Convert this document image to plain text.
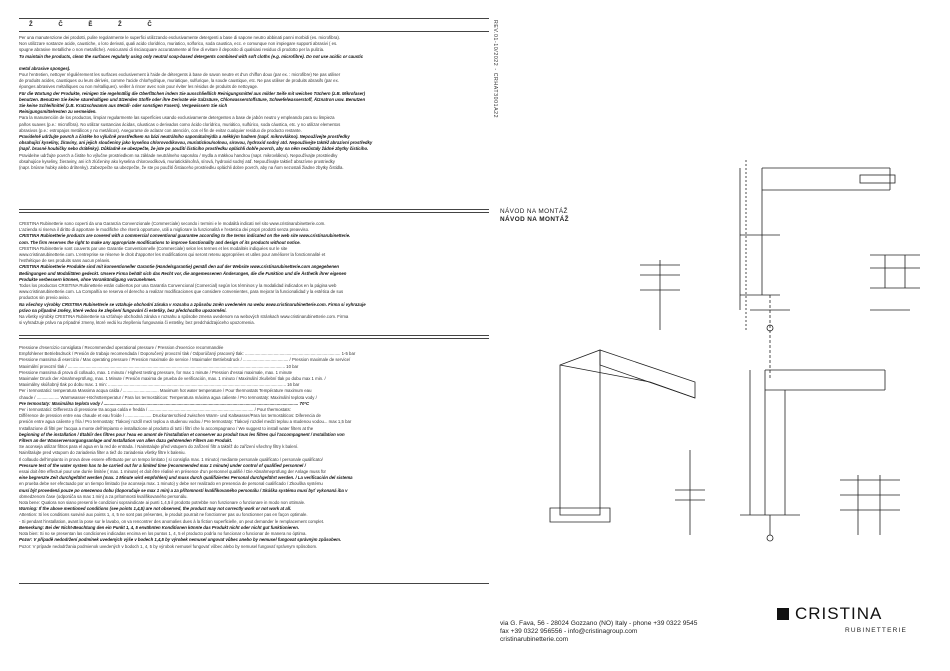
Ž Č Ě Ž Č
Per una manutenzione dei prodotti, pulire regolarmente le superfici utilizzando esclusivamente detergenti a base di sapone neutro abbinati panni morbidi (es. microfibra).
Non utilizzare sostanze acide, caustiche, o loro derivati, quali acido cloridrico, muriatico, solforico, soda caustica, ecc. e comunque non impiegare supporti abrasivi ( es.
spugne abrasive metalliche o non metalliche). Assicurarsi di risciacquare accuratamente al fine di evitare il deposito di qualsiasi residuo di prodotto per la pulizia.
To maintain the products, clean the surfaces regularly using only neutral soap-based detergents combined with soft cloths (e.g. microfibre). Do not use acidic or caustic
metal abrasive sponges).
Pour l'entretien, nettoyer régulièrement les surfaces exclusivement à l'aide de détergents à base de savon neutre et d'un chiffon doux (par ex. : microfibre) Ne pas utiliser
de produits acides, caustiques ou leurs dérivés, comme l'acide chlorhydrique, muriatique, sulfurique, la soude caustique, etc. Ne pas utiliser de produits abrasifs (par ex.
éponges abrasives métalliques ou non métalliques). veiller à rincer avec soin pour éviter les résidus de produits de nettoyage.
Für die Wartung der Produkte, reinigen Sie regelmäßig die Oberflächen indem Sie ausschließlich Reinigungsmittel aus milder Seife mit weichen Tüchern (z.B. Mikrofaser)
benutzen. Benutzen Sie keine säurehaltigen und ätzenden Stoffe oder ihre Derivate wie Salzsäure, Chlorwasserstoffsäure, Schwefelwasserstoff, Ätznatron usw. Benutzen
Sie keine Schleifmittel (z.B. Kratzschwamm aus Metall- oder sonstigen Fasern). Vergewissern Sie sich
Reinigungsmittelresten zu vermeiden.
Para la manutención de los productos, limpiar regularmente las superficies usando exclusivamente detergentes a base de jabón neutro y empleando para su limpieza
paños suaves (p.e.: microfibra). No utilizar sustancias ácidas, cáusticas o derivados como ácido clorídrico, muriático, sulfúrico, soda cáustica, etc. y no utilizar elementos
abrasivos (p.e.: estropajos metálicos y no metálicos). Asegurarse de aclarar con atención, con el fin de evitar cualquier residuo de producto restante.
Pravidelně udržujte povrch a čistěte ho výlučně prostředkem na bázi neutrálního saponátu/mýdla a měkkým hadrem (např. mikrovlákno). Nepoužívejte prostředky
obsahující kyseliny, žíraviny, ani jejich sloučeniny jako kyselinu chlorovodíkovou, muriatickou/solnou, sírovou, hydroxid sodný atd. Nepoužívejte taktéž abrazivní prostředky
(např. brusné houbičky nebo drátěnky). Důkladně se ubezpečte, že jste po použití čisticího prostředku opláchli dobře povrch, aby na něm nezůstaly žádné zbytky čisticího.
Pravidelne udržujte povrch a čistite ho výlučne prostriedkom na základe neutrálneho saponátu / mydla a mäkkou handrou (napr. mikrovlákno). Nepoužívajte prostriedky
obsahujúce kyseliny, žieraviny, ani ich zlúčeniny ako kyselina chlorovodíková, muriatická/soľná, sírová, hydroxid sodný atď. Nepoužívajte taktiež abrazívne prostriedky
(napr. brúsne hubky alebo drôtenky). Zabezpečte sa ubezpečte, že ste po použití čistiaceho prostriedku opláchli dobre povrch, aby na ňom nezostali žiadne zbytky čistidla.
CRISTINA Rubinetterie sono coperti da una Garanzia Convenzionale (Commerciale) secondo i termini e le modalità indicati nel sito www.cristinarubinetterie.com.
L'azienda si riserva il diritto di apportare le modifiche che riterrà opportune, utili a migliorare la funzionalità e l'estetica dei propri prodotti senza preavviso.
CRISTINA Rubinetterie products are covered with a commercial conventional guarantee according to the terms indicated on the web site www.cristinarubinetterie.
com. The firm reserves the right to make any appropriate modifications to improve functionality and design of its products without notice.
CRISTINA Rubinetterie sont couverts par une Garantie Conventionnelle (Commerciale) selon les termes et les modalités indiquées sur le site
www.cristinarubinetterie.com. L'entreprise se réserve le droit d'apporter les modifications qui seront retenu appropriées et utiles pour améliorer la fonctionnalité et
l'esthétique de ses produits sans aucun préavis.
CRISTINA Rubinetterie Produkte sind mit konventioneller Garantie (Handelsgarantie) gemäß den auf der Website www.cristinarubinetterie.com angegebenen
Bedingungen und Modalitäten gedeckt. Unsere Firma behält sich das Recht vor, die angemessenen Änderungen, die die Funktion und die Ästhetik ihrer eigenen
Produkte verbessern können, ohne Vorankündigung vorzunehmen.
Todos los productos CRISTINA Rubinetterie están cubiertos por una Garantía Convencional (Comercial) según los términos y la modalidad indicados en la página web
www.cristinarubinetterie.com. La Compañía se reserva el derecho a realizar modificaciones que considere convenientes, para mejorar la funcionalidad y la estética de sus
productos sin previo aviso.
Na všechny výrobky CRISTINA Rubinetterie se vztahuje obchodní záruka v rozsahu a způsobu změn uvedeném na webu www.cristinarubinetterie.com. Firma si vyhrazuje
právo na případné změny, které vedou ke zlepšení fungování či estetiky, bez předchozího upozornění.
Na všetky výrobky CRISTINA Rubinetterie sa vzťahuje obchodná záruka v rozsahu a spôsobe zmena uvedenom na webových stránkach www.cristinarubinetterie.com. Firma
si vyhradzuje právo na prípadné zmeny, ktoré vedú ku zlepšeniu fungovania či estetiky, bez predchádzajúceho upozornenia.
Pressione d'esercizio consigliata / Recommended operational pressure / Pression d'exercice recommandée
Empfohlener Betriebsdruck / Presión de trabajo recomendada / Doporučený provozní tlak / Odporúčaný pracovný tlak: ................................................................................ 1-5 bar
Pressione massima di esercizio / Max operating pressure / Pression maximale de service / Maximaler Betriebsdruck / ...................................... / Pression maximale de service/
Maximální provozní tlak / ...................................................................................................................................................................................... 10 bar
Pressione massima di prova di collaudo, max. 1 minuto / Highest testing pressure, for max 1 minute / Pression d'essai maximale, max. 1 minute
Maximaler Druck der Abnahmeprüfung, max. 1 Minute / Presión maxima de prueba de verificación, max. 1 minuto / Maximální zkušební tlak po dobu max 1 min. /
Maximálny skúšobný tlak po dobu max. 1 min: ..................................................................................................................................................... 16 bar
Per i termostatici: temperatura Massima acqua calda / .............................. Maximum hot water temperature / Pour thermostats Température maximum eau
chaude / ................... Warmwasser-Höchsttemperatur / Para los termostáticos: Temperatura máxima agua caliente / Pro termostaty: Maximální teplota vody /
Pre termostaty: Maximálna teplota vody / ................................................................................................................................................................... 70°C
Per i termostatici: Differenza di pressione tra acqua calda e fredda / ........................................................................................ / Pour thermostats:
Différence de pression entre eau chaude et eau froide / ...................... Druckunterschied zwischen Warm- und Kaltwasser/Para los termostáticos: Diferencia de
presión entre agua caliente y fría / Pro termostaty: Tlakový rozdíl mezi teplou a studenou vodou / Pre termostaty: Tlakový rozdiel medzi teplou a studenou vodou... max 1,5 bar
Installazione di filtri per l'acqua a monte dell'impianto e installazione al prodotto di tutti i filtri che lo accompagnano / We suggest to install water filters at the
beginning of the installation / Établir des filtres pour l'eau en amont de l'installation et conserver au produit tous les filtres qui l'accompagnent / Installation von
Filtern an der Wasserversorgungsanlage und Installation von allen dazu gehörenden Filtern am Produkt.
Se aconseja utilizar filtros para el agua en la red de entrada. / Nainstalujte před vstupem do zařízení filtr a taktéž do zařízení všechny filtry k balení.
Nainštalujte pred vstupom do zariadenia filter a tiež do zariadenia všetky filtre k baleniu.
Il collaudo dell'impianto in prova deve essere effettuato per un tempo limitato ( si consiglia max. 1 minuto) mediante personale qualificato / personale qualificato/
Pressure test of the water system has to be carried out for a limited time (recommended max 1 minute) under control of qualified personnel /
essai doit être effectué pour une durée limitée ( max. 1 minute) et doit être réalisé en présence d'un personnel qualifié / Die Abnahmeprüfung der Anlage muss für
eine begrenzte Zeit durchgeführt werden (max. 1 Minute wird empfohlen) und muss durch qualifiziertes Personal durchgeführt werden. / La verificación del sistema
en prueba debe ser efectuado por un tiempo limitado (se aconseja max. 1 minuto) y debe ser realizado en presencia de personal cualificado / Zkouška systému
musí být provedená pouze po omezenou dobu (doporučuje se max 1 min) a za přítomnosti kvalifikovaného personálu / Skúška systému musí byť vykonaná iba v
obmedzenom čase (odporúča sa max 1 min) a za prítomnosti kvalifikovaného personálu.
Nota bene: Qualora non siano presenti le condizioni sopraindicate ai punti 1,4,5 il prodotto potrebbe non funzionare o funzionare in modo non ottimale.
Warning: If the above mentioned conditions (see points 1,4,5) are not observed, the product may not correctly work or not work at all.
Attention: Si les conditions susvisé aux points 1, 4, 5 ne sont pas présentes, le produit pourrait ne fonctionner pas ou fonctionner pas en façon optimale.
- Si pendant l'installation, avant la pose sur le lavabo, on va rencontrer des anomalies dues à la fiction superficielle, on peut demander le remplacement complet.
Bemerkung: Bei der Nicht-Beachtung den ein Punkt 1, 4, 5 erwähnten Konditionen könnte das Produkt nicht oder nicht gut funktionieren.
Nota bien: Si no se presentan las condiciones indicadas encima en los puntos 1, 4, 5 el producto podría no funcionar o funcionar de manera no óptima.
Pozor: V případě nedodržení podmínek uvedených výše v bodech 1,4,5 by výrobek nemusel ungovat vůbec anebo by nemusel fungovat správným způsobem.
Pozor: V prípade nedodržania podmienok uvedených v bodoch 1, 4, 5 by výrobok nemusel fungovať vôbec alebo by nemusel fungovať správnym spôsobom.
REV.01-10/2022 - CRHAT3001A22
NÁVOD NA MONTÁŽ
NÁVOD NA MONTÁŽ
via G. Fava, 56 - 28024 Gozzano (NO) Italy - phone +39 0322 9545
fax +39 0322 956556 - info@cristinagroup.com
cristinarubinetterie.com
CRISTINA
RUBINETTERIE
